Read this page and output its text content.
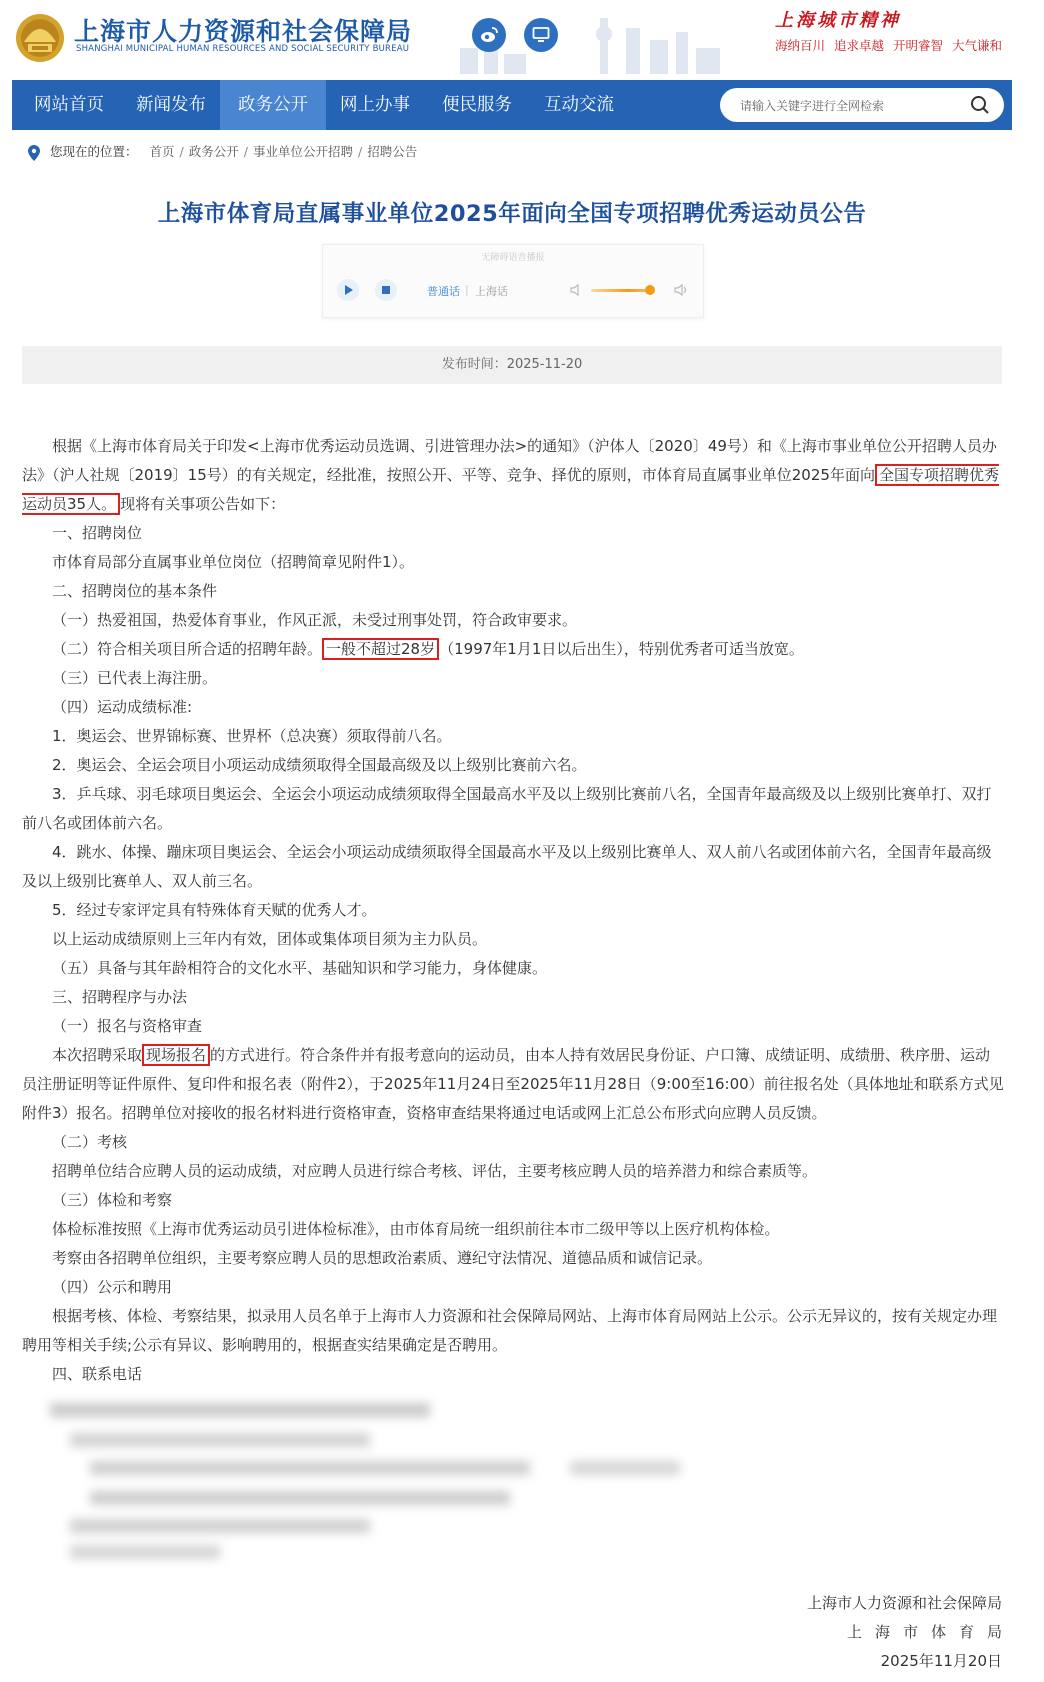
上海市人力资源和社会保障局
SHANGHAI MUNICIPAL HUMAN RESOURCES AND SOCIAL SECURITY BUREAU
上海城市精神
海纳百川 追求卓越 开明睿智 大气谦和
网站首页	新闻发布	政务公开	网上办事	便民服务	互动交流
请输入关键字进行全网检索
您现在的位置： 首页 / 政务公开 / 事业单位公开招聘 / 招聘公告
上海市体育局直属事业单位2025年面向全国专项招聘优秀运动员公告
无障碍语音播报
普通话 | 上海话
发布时间：2025-11-20

根据《上海市体育局关于印发<上海市优秀运动员选调、引进管理办法>的通知》（沪体人〔2020〕49号）和《上海市事业单位公开招聘人员办法》（沪人社规〔2019〕15号）的有关规定，经批准，按照公开、平等、竞争、择优的原则，市体育局直属事业单位2025年面向 全国专项招聘优秀运动员35人。 现将有关事项公告如下：

一、招聘岗位

市体育局部分直属事业单位岗位（招聘简章见附件1）。

二、招聘岗位的基本条件

（一）热爱祖国，热爱体育事业，作风正派，未受过刑事处罚，符合政审要求。

（二）符合相关项目所合适的招聘年龄。 一般不超过28岁 （1997年1月1日以后出生），特别优秀者可适当放宽。

（三）已代表上海注册。

（四）运动成绩标准:

1．奥运会、世界锦标赛、世界杯（总决赛）须取得前八名。

2．奥运会、全运会项目小项运动成绩须取得全国最高级及以上级别比赛前六名。

3．乒乓球、羽毛球项目奥运会、全运会小项运动成绩须取得全国最高水平及以上级别比赛前八名，全国青年最高级及以上级别比赛单打、双打前八名或团体前六名。

4．跳水、体操、蹦床项目奥运会、全运会小项运动成绩须取得全国最高水平及以上级别比赛单人、双人前八名或团体前六名，全国青年最高级及以上级别比赛单人、双人前三名。

5．经过专家评定具有特殊体育天赋的优秀人才。

以上运动成绩原则上三年内有效，团体或集体项目须为主力队员。

（五）具备与其年龄相符合的文化水平、基础知识和学习能力，身体健康。

三、招聘程序与办法

（一）报名与资格审查

本次招聘采取 现场报名 的方式进行。符合条件并有报考意向的运动员，由本人持有效居民身份证、户口簿、成绩证明、成绩册、秩序册、运动员注册证明等证件原件、复印件和报名表（附件2），于2025年11月24日至2025年11月28日（9:00至16:00）前往报名处（具体地址和联系方式见附件3）报名。招聘单位对接收的报名材料进行资格审查，资格审查结果将通过电话或网上汇总公布形式向应聘人员反馈。

（二）考核

招聘单位结合应聘人员的运动成绩，对应聘人员进行综合考核、评估，主要考核应聘人员的培养潜力和综合素质等。

（三）体检和考察

体检标准按照《上海市优秀运动员引进体检标准》，由市体育局统一组织前往本市二级甲等以上医疗机构体检。

考察由各招聘单位组织，主要考察应聘人员的思想政治素质、遵纪守法情况、道德品质和诚信记录。

（四）公示和聘用

根据考核、体检、考察结果，拟录用人员名单于上海市人力资源和社会保障局网站、上海市体育局网站上公示。公示无异议的，按有关规定办理聘用等相关手续;公示有异议、影响聘用的，根据查实结果确定是否聘用。

四、联系电话

上海市人力资源和社会保障局
上海市体育局
2025年11月20日
